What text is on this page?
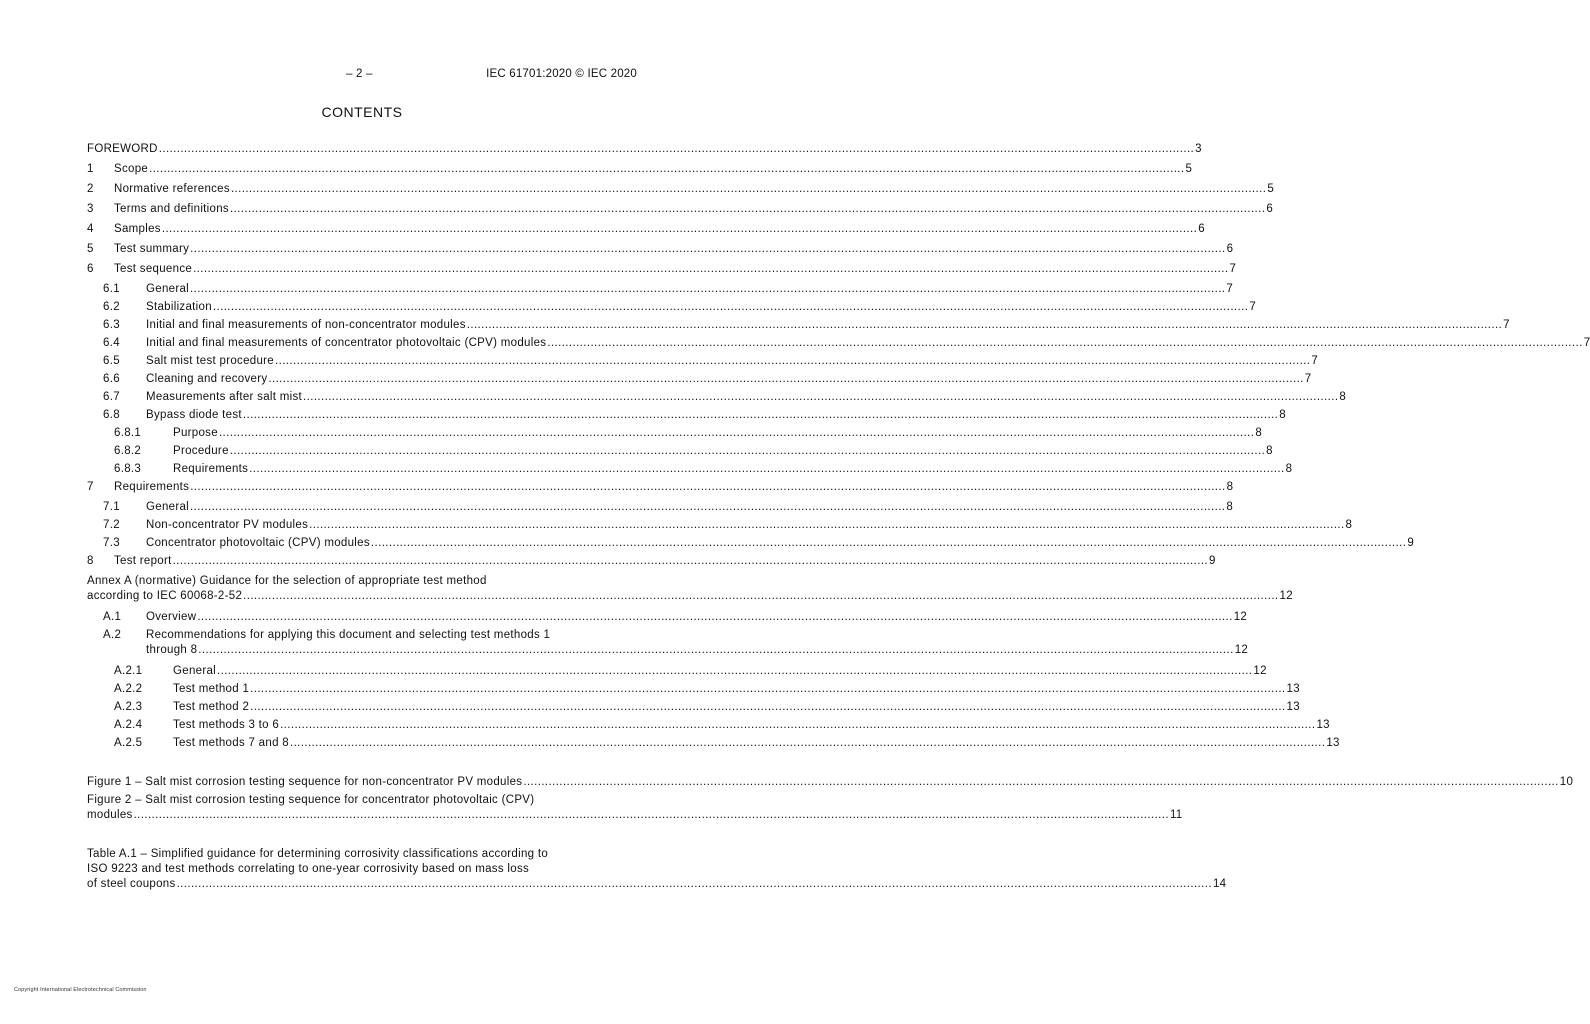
– 2 –	IEC 61701:2020 © IEC 2020
CONTENTS
FOREWORD .....	3
1	Scope .....	5
2	Normative references .....	5
3	Terms and definitions .....	6
4	Samples .....	6
5	Test summary .....	6
6	Test sequence .....	7
6.1	General .....	7
6.2	Stabilization .....	7
6.3	Initial and final measurements of non-concentrator modules .....	7
6.4	Initial and final measurements of concentrator photovoltaic (CPV) modules .....	7
6.5	Salt mist test procedure .....	7
6.6	Cleaning and recovery .....	7
6.7	Measurements after salt mist .....	8
6.8	Bypass diode test .....	8
6.8.1	Purpose .....	8
6.8.2	Procedure .....	8
6.8.3	Requirements .....	8
7	Requirements .....	8
7.1	General .....	8
7.2	Non-concentrator PV modules .....	8
7.3	Concentrator photovoltaic (CPV) modules .....	9
8	Test report .....	9
Annex A (normative) Guidance for the selection of appropriate test method
according to IEC 60068-2-52 .....	12
A.1	Overview .....	12
A.2 Recommendations for applying this document and selecting test methods 1
through 8 .....	12
A.2.1	General .....	12
A.2.2	Test method 1 .....	13
A.2.3	Test method 2 .....	13
A.2.4	Test methods 3 to 6 .....	13
A.2.5	Test methods 7 and 8 .....	13
Figure 1 – Salt mist corrosion testing sequence for non-concentrator PV modules .....	10
Figure 2 – Salt mist corrosion testing sequence for concentrator photovoltaic (CPV)
modules .....	11
Table A.1 – Simplified guidance for determining corrosivity classifications according to
ISO 9223 and test methods correlating to one-year corrosivity based on mass loss
of steel coupons .....	14
Copyright International Electrotechnical Commission
